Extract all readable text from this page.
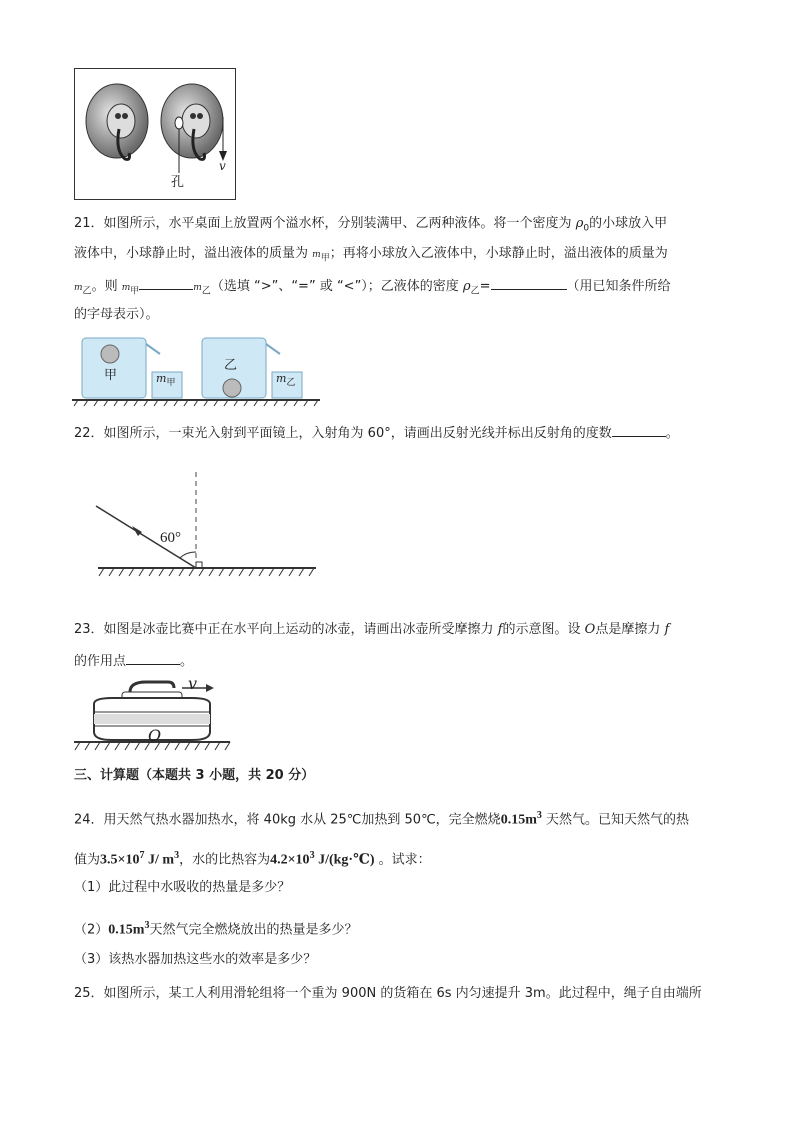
孔
v
21．如图所示，水平桌面上放置两个溢水杯，分别装满甲、乙两种液体。将一个密度为 $\rho_0$的小球放入甲
液体中，小球静止时，溢出液体的质量为 $m_甲$；再将小球放入乙液体中，小球静止时，溢出液体的质量为
$m_乙$。则 $m_甲$	$m_乙$（选填 “>”、“=” 或 “<”）；乙液体的密度 $\rho_乙=$	（用已知条件所给
的字母表示）。
甲
乙
$m_甲$	$m_乙$
22．如图所示，一束光入射到平面镜上，入射角为 60°，请画出反射光线并标出反射角的度数	。
60°
23．如图是冰壶比赛中正在水平向上运动的冰壶，请画出冰壶所受摩擦力 f的示意图。设 O点是摩擦力 f
的作用点	。
v
O
三、计算题（本题共 3 小题，共 20 分）
24．用天然气热水器加热水，将 40kg 水从 25℃加热到 50℃，完全燃烧$0.15m^3$ 天然气。已知天然气的热
值为$3.5\times 10^7$ J/ $m^3$，水的比热容为$4.2\times 10^3$ J/(kg·℃) 。试求：
（1）此过程中水吸收的热量是多少？
$(2)0.15m^3$天然气完全燃烧放出的热量是多少？
（3）该热水器加热这些水的效率是多少？
25．如图所示，某工人利用滑轮组将一个重为 900N 的货箱在 6s 内匀速提升 3m。此过程中，绳子自由端所
